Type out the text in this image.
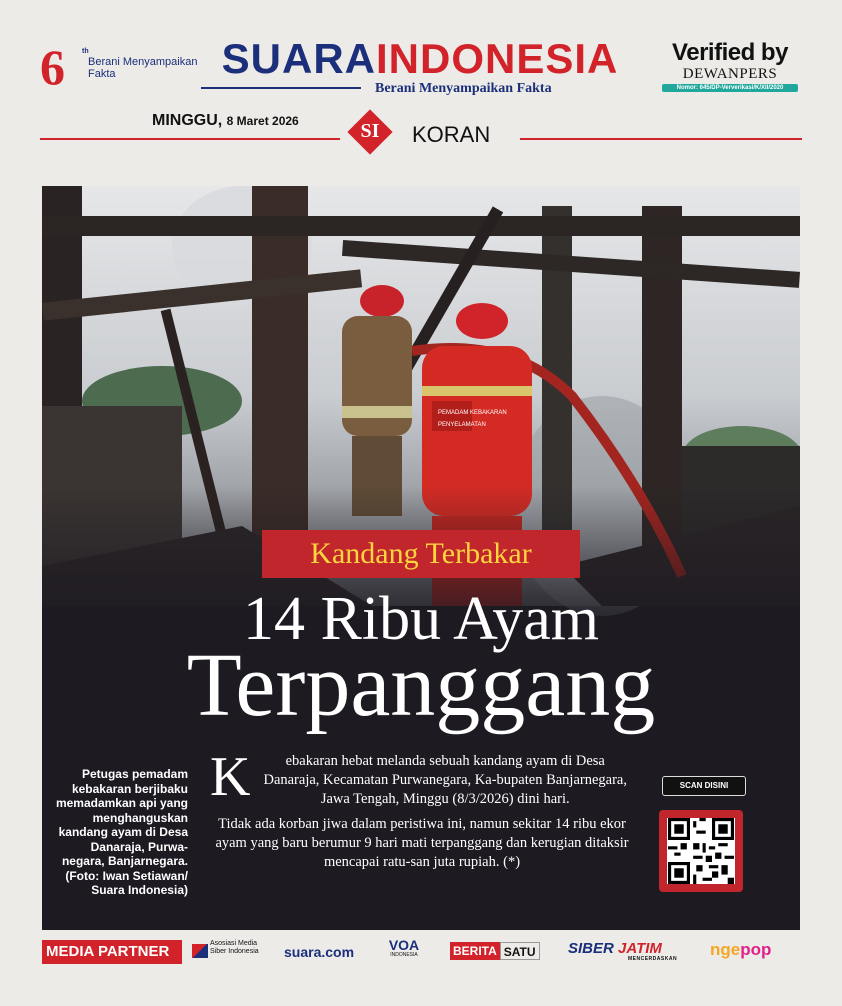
6	th
Berani Menyampaikan Fakta	SUARAINDONESIA
Berani Menyampaikan Fakta
Verified by
DEWANPERS
Nomor: 645/DP-Ververikasi/K/XII/2020
MINGGU, 8 Maret 2026	SI	KORAN
PEMADAM KEBAKARAN
PENYELAMATAN
Kandang Terbakar
14 Ribu Ayam
Terpanggang
Petugas pemadam kebakaran berjibaku memadamkan api yang menghanguskan kandang ayam di Desa Danaraja, Purwa-negara, Banjarnegara. (Foto: Iwan Setiawan/ Suara Indonesia)

K ebakaran hebat melanda sebuah kandang ayam di Desa Danaraja, Kecamatan Purwanegara, Ka-bupaten Banjarnegara, Jawa Tengah, Minggu (8/3/2026) dini hari.

Tidak ada korban jiwa dalam peristiwa ini, namun sekitar 14 ribu ekor ayam yang baru berumur 9 hari mati terpanggang dan kerugian ditaksir mencapai ratu-san juta rupiah. (*)

SCAN DISINI
MEDIA PARTNER	Asosiasi Media Siber Indonesia	suara.com	VOA
INDONESIA	BERITA SATU SIBER JATIM
MENCERDASKAN ngepop
